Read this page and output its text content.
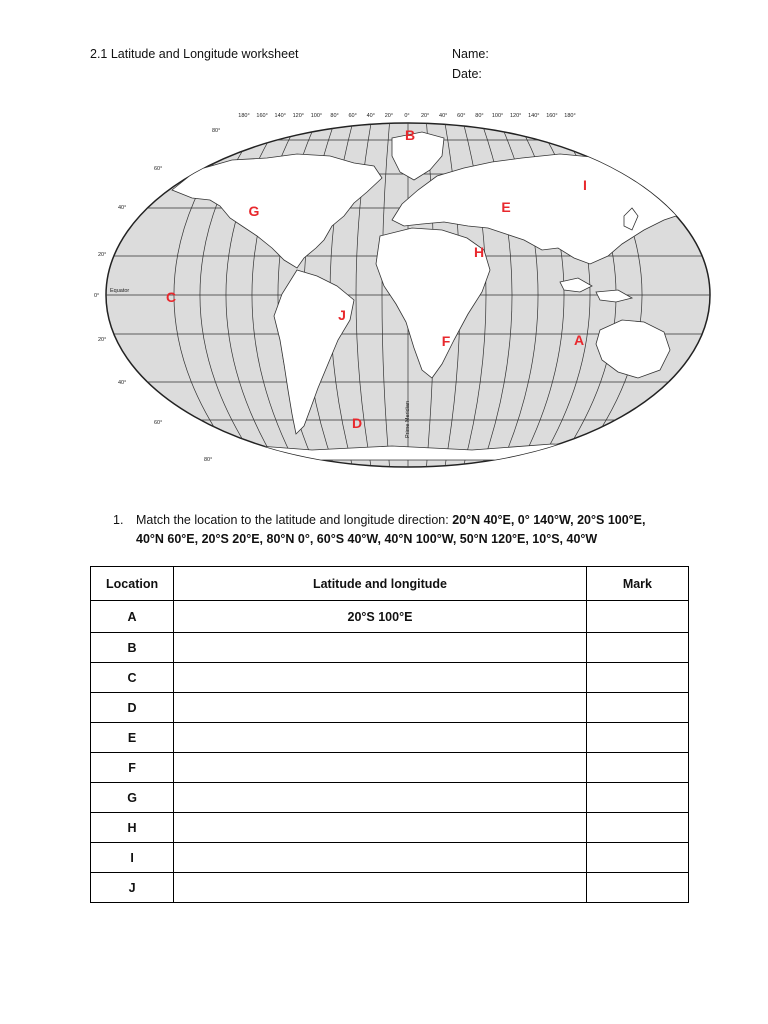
2.1 Latitude and Longitude worksheet	Name:
Date:
180° 160° 140° 120° 100° 80° 60° 40° 20° 0° 20° 40° 60° 80° 100° 120° 140° 160° 180°
80°
60°
40°
20°
0°
20°
40°
60°
80°
Equator
Prime Meridian
A
B
C
D
E
F
G
H
I
J
1.	Match the location to the latitude and longitude direction: 20°N 40°E, 0° 140°W, 20°S 100°E, 40°N 60°E, 20°S 20°E, 80°N 0°, 60°S 40°W, 40°N 100°W, 50°N 120°E, 10°S, 40°W
Location	Latitude and longitude	Mark
A	20°S 100°E	
B		
C		
D		
E		
F		
G		
H		
I		
J		
